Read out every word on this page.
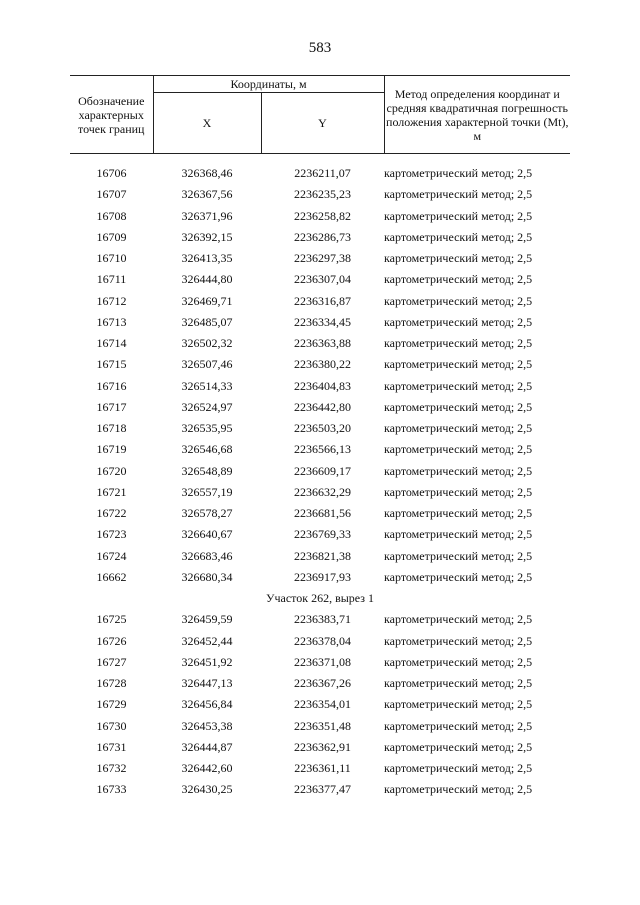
583
Обозначение характерных точек границ	Координаты, м		Метод определения координат и средняя квадратичная погрешность положения характерной точки (Mt), м
	X	Y	

16706	326368,46	2236211,07	картометрический метод; 2,5
16707	326367,56	2236235,23	картометрический метод; 2,5
16708	326371,96	2236258,82	картометрический метод; 2,5
16709	326392,15	2236286,73	картометрический метод; 2,5
16710	326413,35	2236297,38	картометрический метод; 2,5
16711	326444,80	2236307,04	картометрический метод; 2,5
16712	326469,71	2236316,87	картометрический метод; 2,5
16713	326485,07	2236334,45	картометрический метод; 2,5
16714	326502,32	2236363,88	картометрический метод; 2,5
16715	326507,46	2236380,22	картометрический метод; 2,5
16716	326514,33	2236404,83	картометрический метод; 2,5
16717	326524,97	2236442,80	картометрический метод; 2,5
16718	326535,95	2236503,20	картометрический метод; 2,5
16719	326546,68	2236566,13	картометрический метод; 2,5
16720	326548,89	2236609,17	картометрический метод; 2,5
16721	326557,19	2236632,29	картометрический метод; 2,5
16722	326578,27	2236681,56	картометрический метод; 2,5
16723	326640,67	2236769,33	картометрический метод; 2,5
16724	326683,46	2236821,38	картометрический метод; 2,5
16662	326680,34	2236917,93	картометрический метод; 2,5
Участок 262, вырез 1			
16725	326459,59	2236383,71	картометрический метод; 2,5
16726	326452,44	2236378,04	картометрический метод; 2,5
16727	326451,92	2236371,08	картометрический метод; 2,5
16728	326447,13	2236367,26	картометрический метод; 2,5
16729	326456,84	2236354,01	картометрический метод; 2,5
16730	326453,38	2236351,48	картометрический метод; 2,5
16731	326444,87	2236362,91	картометрический метод; 2,5
16732	326442,60	2236361,11	картометрический метод; 2,5
16733	326430,25	2236377,47	картометрический метод; 2,5
